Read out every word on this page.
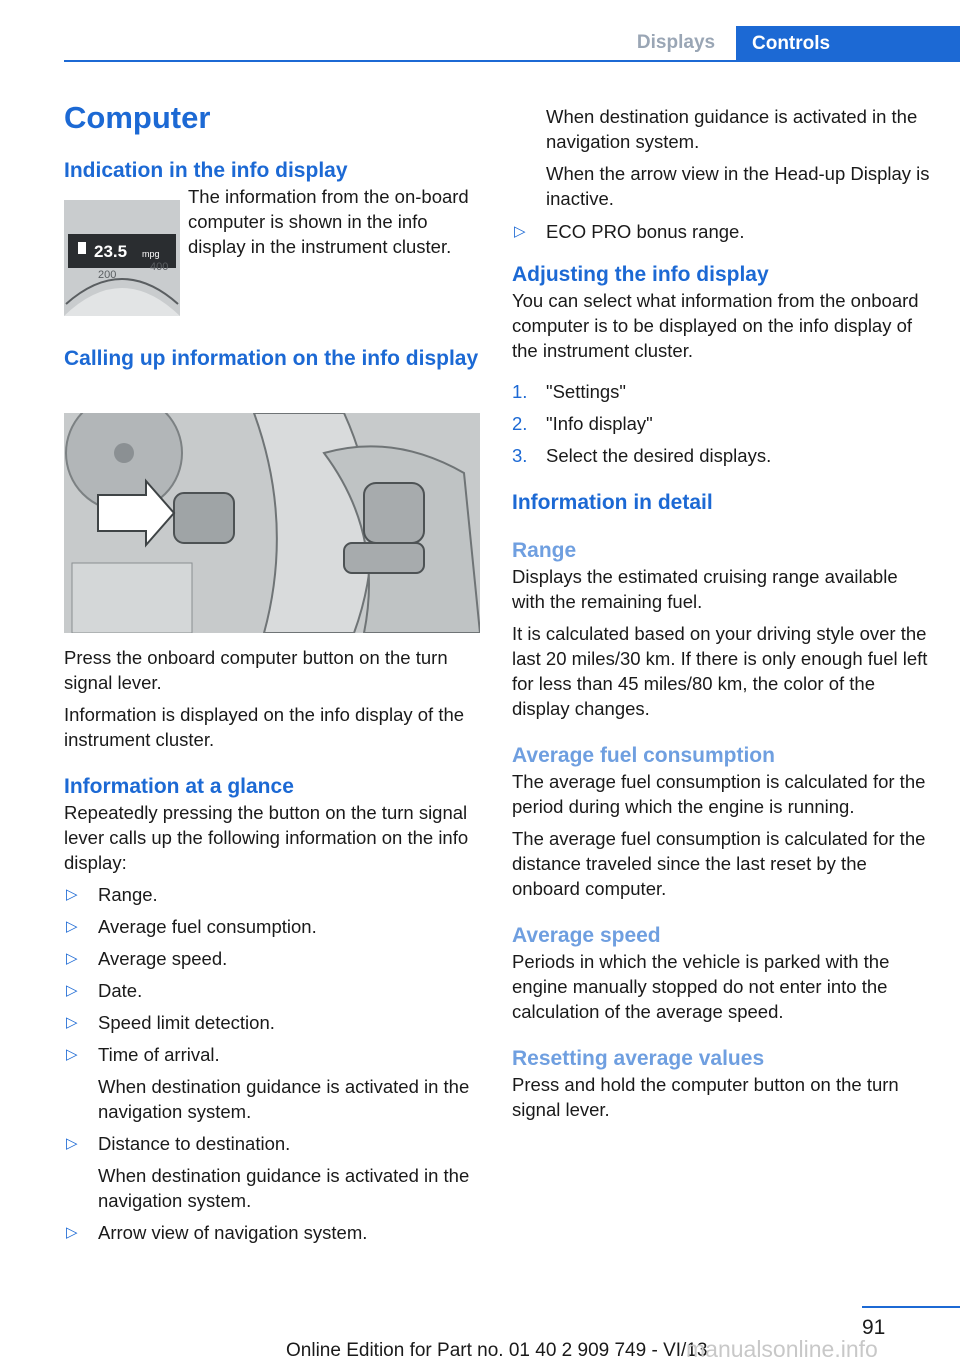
Displays	Controls
Computer
Indication in the info display

The information from the on-board computer is shown in the info display in the instrument cluster.

23.5 mpg
200
400
Calling up information on the info display

Press the onboard computer button on the turn signal lever.

Information is displayed on the info display of the instrument cluster.

Information at a glance

Repeatedly pressing the button on the turn signal lever calls up the following information on the info display:

▷ Range.
▷ Average fuel consumption.
▷ Average speed.
▷ Date.
▷ Speed limit detection.
▷ Time of arrival.
When destination guidance is activated in the navigation system.
▷ Distance to destination.
When destination guidance is activated in the navigation system.
▷ Arrow view of navigation system.

When destination guidance is activated in the navigation system.

When the arrow view in the Head-up Display is inactive.

▷ ECO PRO bonus range.
Adjusting the info display

You can select what information from the onboard computer is to be displayed on the info display of the instrument cluster.

1. "Settings"
2. "Info display"
3. Select the desired displays.
Information in detail
Range

Displays the estimated cruising range available with the remaining fuel.

It is calculated based on your driving style over the last 20 miles/30 km. If there is only enough fuel left for less than 45 miles/80 km, the color of the display changes.

Average fuel consumption

The average fuel consumption is calculated for the period during which the engine is running.

The average fuel consumption is calculated for the distance traveled since the last reset by the onboard computer.

Average speed

Periods in which the vehicle is parked with the engine manually stopped do not enter into the calculation of the average speed.

Resetting average values

Press and hold the computer button on the turn signal lever.

91
Online Edition for Part no. 01 40 2 909 749 - VI/13
manualsonline.info
